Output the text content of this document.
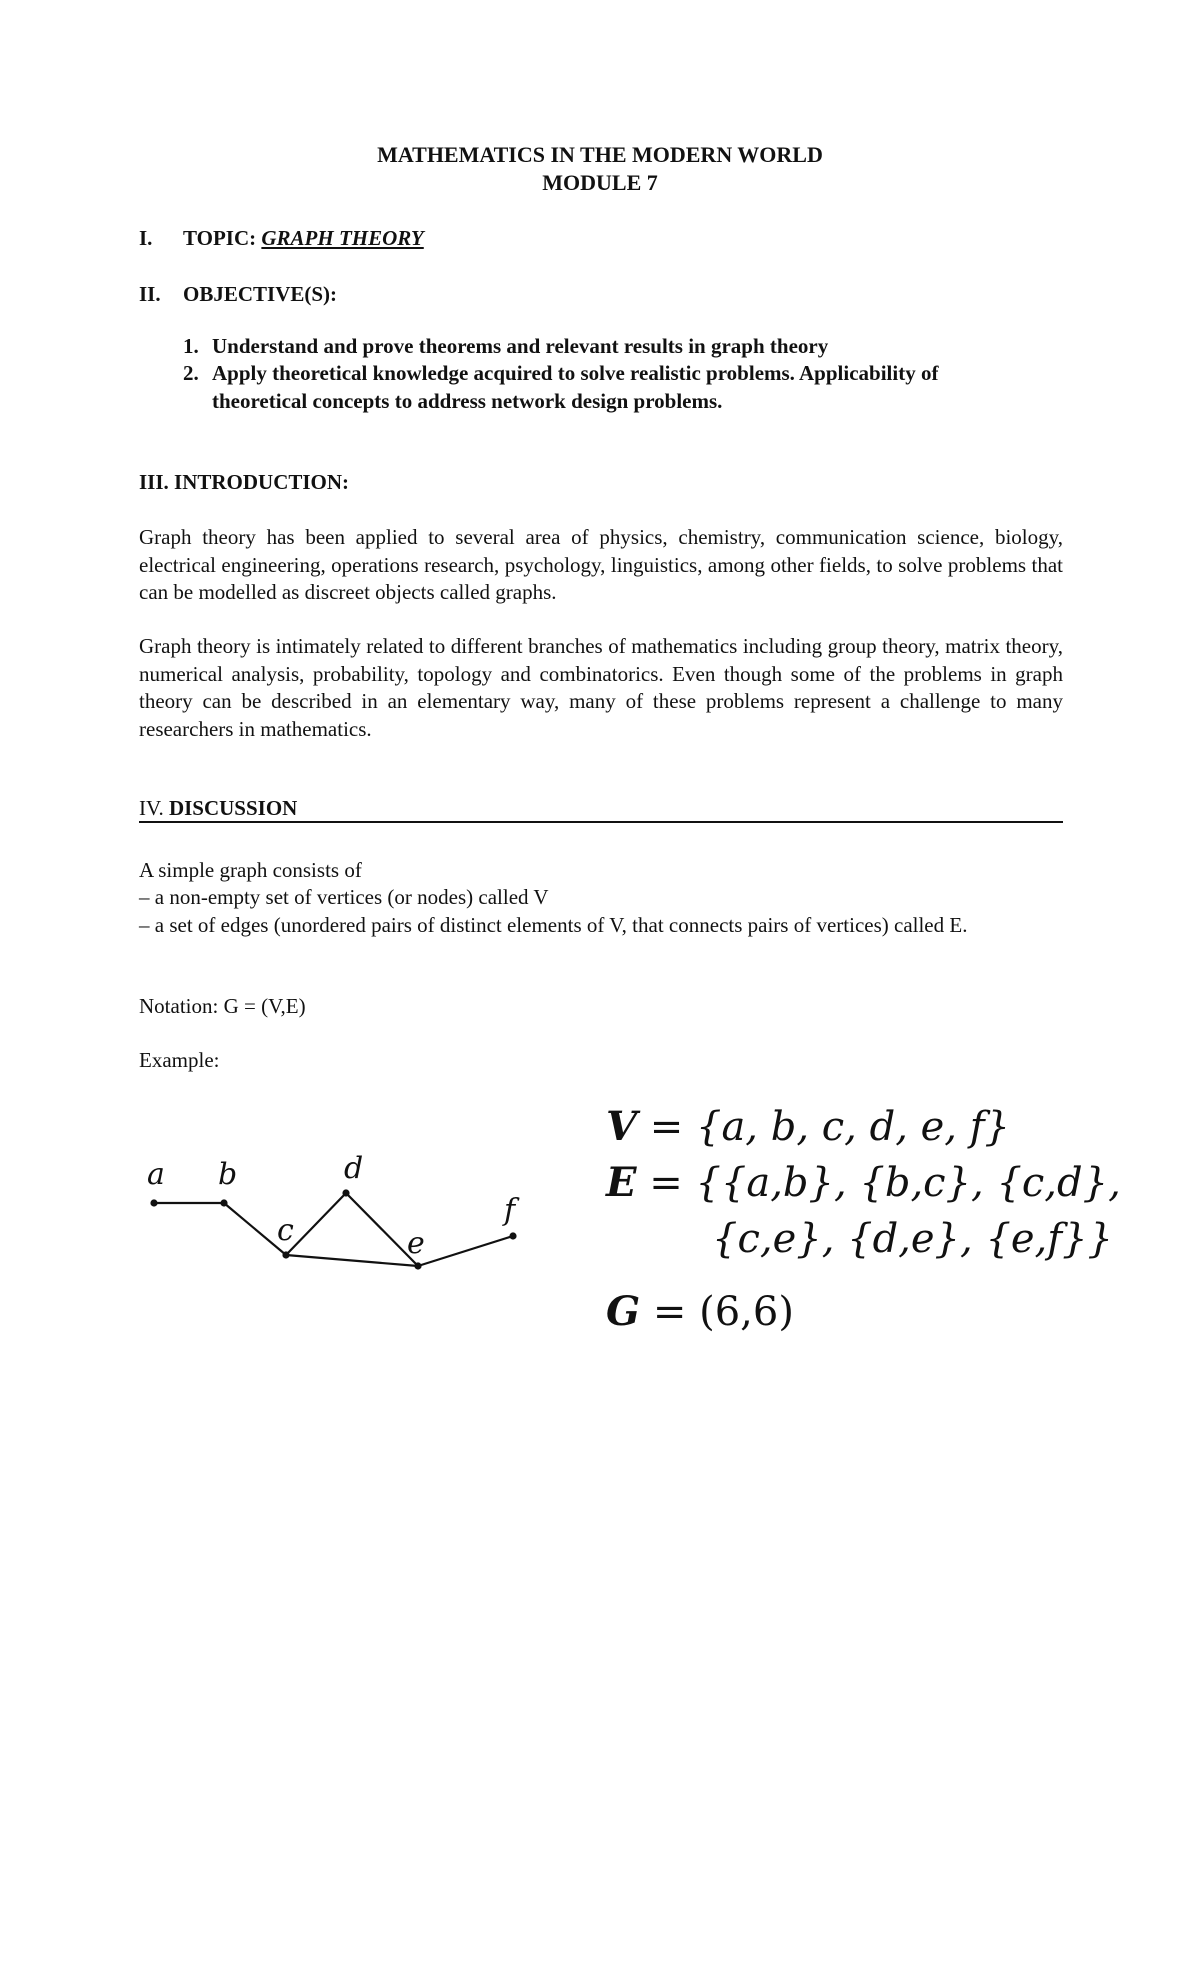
MATHEMATICS IN THE MODERN WORLD
MODULE 7
I. TOPIC: GRAPH THEORY
II. OBJECTIVE(S):
1. Understand and prove theorems and relevant results in graph theory
2. Apply theoretical knowledge acquired to solve realistic problems. Applicability of
theoretical concepts to address network design problems.
III. INTRODUCTION:
Graph theory has been applied to several area of physics, chemistry, communication science, biology, electrical engineering, operations research, psychology, linguistics, among other fields, to solve problems that can be modelled as discreet objects called graphs.
Graph theory is intimately related to different branches of mathematics including group theory, matrix theory, numerical analysis, probability, topology and combinatorics. Even though some of the problems in graph theory can be described in an elementary way, many of these problems represent a challenge to many researchers in mathematics.
IV. DISCUSSION
A simple graph consists of
– a non-empty set of vertices (or nodes) called V
– a set of edges (unordered pairs of distinct elements of V, that connects pairs of vertices) called E.
Notation: G = (V,E)
Example:
a b
c
d
e
f
V = {a, b, c, d, e, f}
E = {{a,b}, {b,c}, {c,d},
{c,e}, {d,e}, {e,f}}
G = (6,6)
